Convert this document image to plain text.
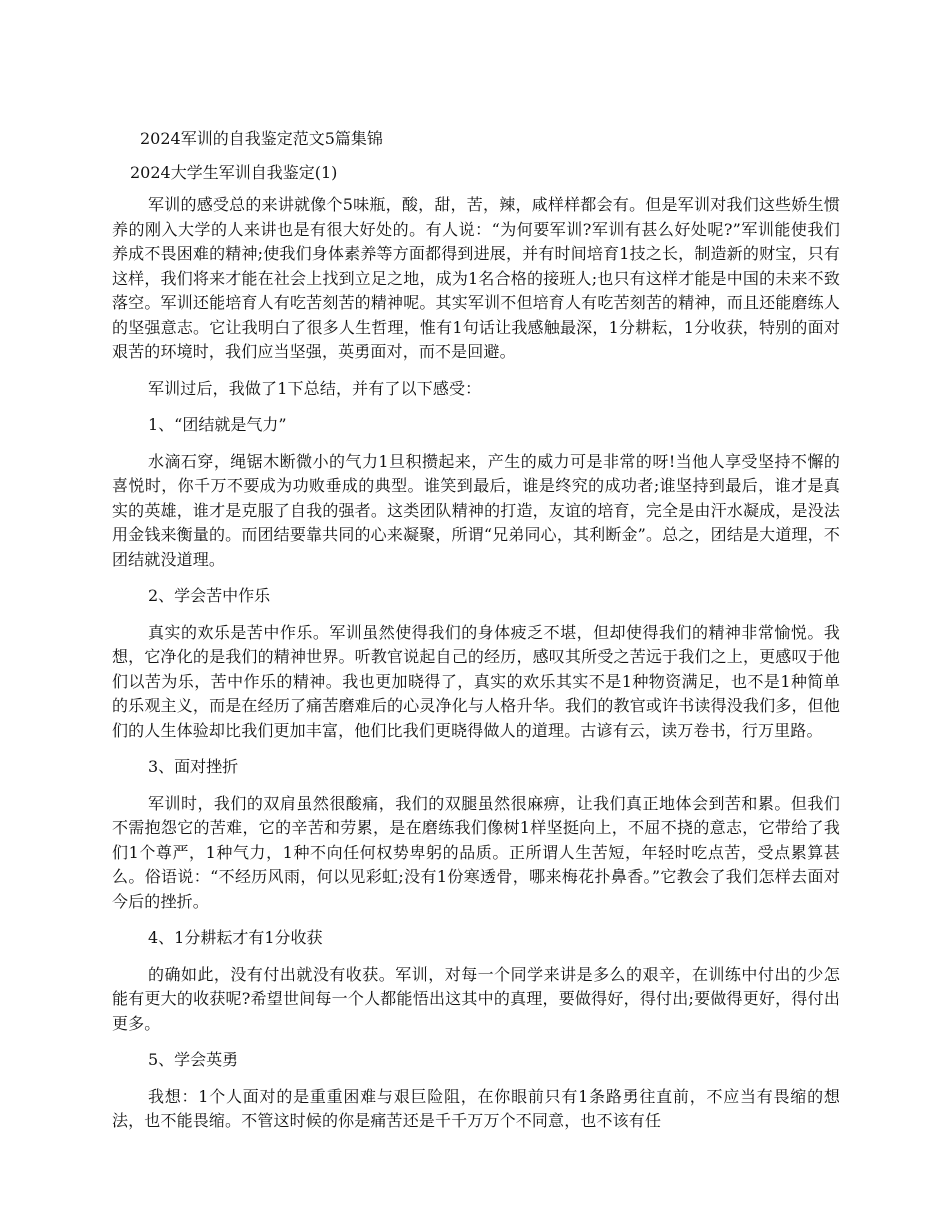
2024军训的自我鉴定范文5篇集锦
2024大学生军训自我鉴定(1)

军训的感受总的来讲就像个5味瓶，酸，甜，苦，辣，咸样样都会有。但是军训对我们这些娇生惯养的刚入大学的人来讲也是有很大好处的。有人说：“为何要军训?军训有甚么好处呢?”军训能使我们养成不畏困难的精神;使我们身体素养等方面都得到进展，并有时间培育1技之长，制造新的财宝，只有这样，我们将来才能在社会上找到立足之地，成为1名合格的接班人;也只有这样才能是中国的未来不致落空。军训还能培育人有吃苦刻苦的精神呢。其实军训不但培育人有吃苦刻苦的精神，而且还能磨练人的坚强意志。它让我明白了很多人生哲理，惟有1句话让我感触最深，1分耕耘，1分收获，特别的面对艰苦的环境时，我们应当坚强，英勇面对，而不是回避。

军训过后，我做了1下总结，并有了以下感受：

1、“团结就是气力”

水滴石穿，绳锯木断微小的气力1旦积攒起来，产生的威力可是非常的呀!当他人享受坚持不懈的喜悦时，你千万不要成为功败垂成的典型。谁笑到最后，谁是终究的成功者;谁坚持到最后，谁才是真实的英雄，谁才是克服了自我的强者。这类团队精神的打造，友谊的培育，完全是由汗水凝成，是没法用金钱来衡量的。而团结要靠共同的心来凝聚，所谓“兄弟同心，其利断金”。总之，团结是大道理，不团结就没道理。

2、学会苦中作乐

真实的欢乐是苦中作乐。军训虽然使得我们的身体疲乏不堪，但却使得我们的精神非常愉悦。我想，它净化的是我们的精神世界。听教官说起自己的经历，感叹其所受之苦远于我们之上，更感叹于他们以苦为乐，苦中作乐的精神。我也更加晓得了，真实的欢乐其实不是1种物资满足，也不是1种简单的乐观主义，而是在经历了痛苦磨难后的心灵净化与人格升华。我们的教官或许书读得没我们多，但他们的人生体验却比我们更加丰富，他们比我们更晓得做人的道理。古谚有云，读万卷书，行万里路。

3、面对挫折

军训时，我们的双肩虽然很酸痛，我们的双腿虽然很麻痹，让我们真正地体会到苦和累。但我们不需抱怨它的苦难，它的辛苦和劳累，是在磨练我们像树1样坚挺向上，不屈不挠的意志，它带给了我们1个尊严，1种气力，1种不向任何权势卑躬的品质。正所谓人生苦短，年轻时吃点苦，受点累算甚么。俗语说：“不经历风雨，何以见彩虹;没有1份寒透骨，哪来梅花扑鼻香。”它教会了我们怎样去面对今后的挫折。

4、1分耕耘才有1分收获

的确如此，没有付出就没有收获。军训，对每一个同学来讲是多么的艰辛，在训练中付出的少怎能有更大的收获呢?希望世间每一个人都能悟出这其中的真理，要做得好，得付出;要做得更好，得付出更多。

5、学会英勇

我想：1个人面对的是重重困难与艰巨险阻，在你眼前只有1条路勇往直前，不应当有畏缩的想法，也不能畏缩。不管这时候的你是痛苦还是千千万万个不同意，也不该有任
